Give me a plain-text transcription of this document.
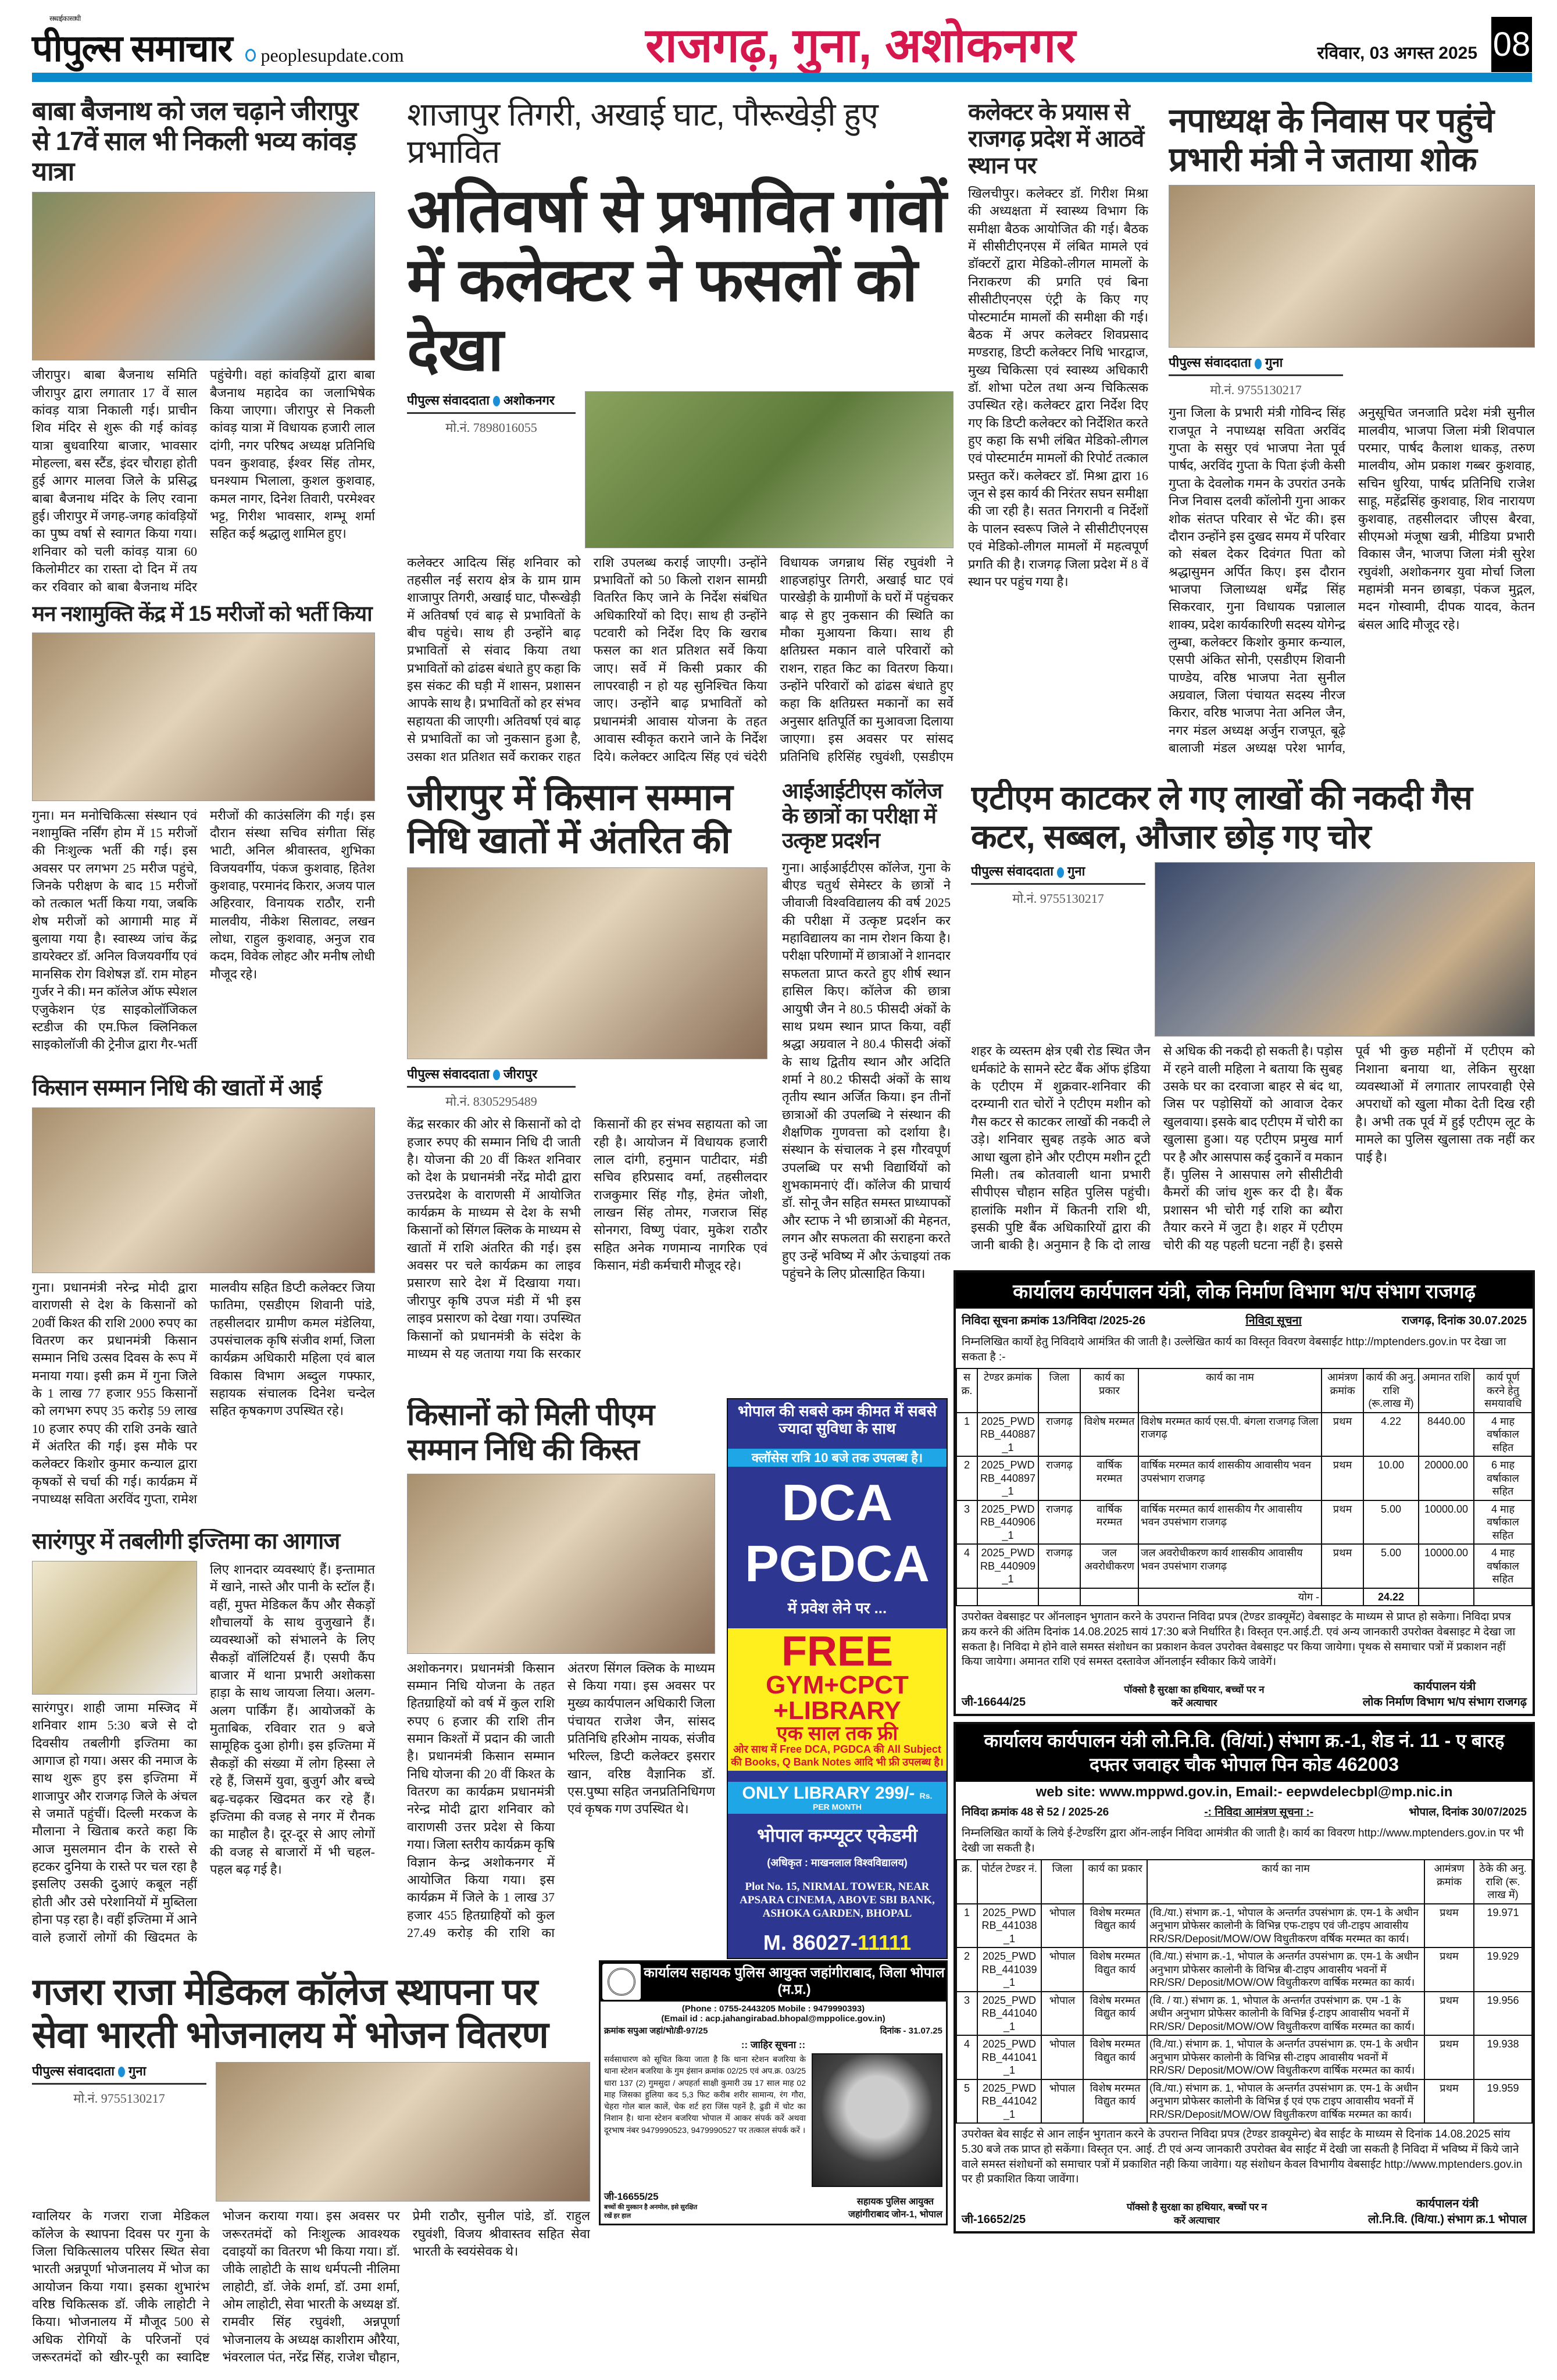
सच्चाई का साथी
पीपुल्स समाचार	peoplesupdate.com	राजगढ़, गुना, अशोकनगर	रविवार, 03 अगस्त 2025 08
बाबा बैजनाथ को जल चढ़ाने जीरापुर से 17वें साल भी निकली भव्य कांवड़ यात्रा
जीरापुर। बाबा बैजनाथ समिति जीरापुर द्वारा लगातार 17 वें साल कांवड़ यात्रा निकाली गई। प्राचीन शिव मंदिर से शुरू की गई कांवड़ यात्रा बुधवारिया बाजार, भावसार मोहल्ला, बस स्टैंड, इंदर चौराहा होती हुई आगर मालवा जिले के प्रसिद्ध बाबा बैजनाथ मंदिर के लिए रवाना हुई। जीरापुर में जगह-जगह कांवड़ियों का पुष्प वर्षा से स्वागत किया गया। शनिवार को चली कांवड़ यात्रा 60 किलोमीटर का रास्ता दो दिन में तय कर रविवार को बाबा बैजनाथ मंदिर पहुंचेगी। वहां कांवड़ियों द्वारा बाबा बैजनाथ महादेव का जलाभिषेक किया जाएगा। जीरापुर से निकली कांवड़ यात्रा में विधायक हजारी लाल दांगी, नगर परिषद अध्यक्ष प्रतिनिधि पवन कुशवाह, ईश्वर सिंह तोमर, घनश्याम भिलाला, कुशल कुशवाह, कमल नागर, दिनेश तिवारी, परमेश्वर भट्ट, गिरीश भावसार, शम्भू शर्मा सहित कई श्रद्धालु शामिल हुए।
मन नशामुक्ति केंद्र में 15 मरीजों को भर्ती किया
गुना। मन मनोचिकित्सा संस्थान एवं नशामुक्ति नर्सिंग होम में 15 मरीजों की निःशुल्क भर्ती की गई। इस अवसर पर लगभग 25 मरीज पहुंचे, जिनके परीक्षण के बाद 15 मरीजों को तत्काल भर्ती किया गया, जबकि शेष मरीजों को आगामी माह में बुलाया गया है। स्वास्थ्य जांच केंद्र डायरेक्टर डॉ. अनिल विजयवर्गीय एवं मानसिक रोग विशेषज्ञ डॉ. राम मोहन गुर्जर ने की। मन कॉलेज ऑफ स्पेशल एजुकेशन एंड साइकोलॉजिकल स्टडीज की एम.फिल क्लिनिकल साइकोलॉजी की ट्रेनीज द्वारा गैर-भर्ती मरीजों की काउंसलिंग की गई। इस दौरान संस्था सचिव संगीता सिंह भाटी, अनिल श्रीवास्तव, शुभिका विजयवर्गीय, पंकज कुशवाह, हितेश कुशवाह, परमानंद किरार, अजय पाल अहिरवार, विनायक राठौर, रानी मालवीय, नीकेश सिलावट, लखन लोधा, राहुल कुशवाह, अनुज राव कदम, विवेक लोहट और मनीष लोधी मौजूद रहे।
किसान सम्मान निधि की खातों में आई
गुना। प्रधानमंत्री नरेन्द्र मोदी द्वारा वाराणसी से देश के किसानों को 20वीं किश्त की राशि 2000 रुपए का वितरण कर प्रधानमंत्री किसान सम्मान निधि उत्सव दिवस के रूप में मनाया गया। इसी क्रम में गुना जिले के 1 लाख 77 हजार 955 किसानों को लगभग रुपए 35 करोड़ 59 लाख 10 हजार रुपए की राशि उनके खाते में अंतरित की गई। इस मौके पर कलेक्टर किशोर कुमार कन्याल द्वारा कृषकों से चर्चा की गई। कार्यक्रम में नपाध्यक्ष सविता अरविंद गुप्ता, रामेश मालवीय सहित डिप्टी कलेक्टर जिया फातिमा, एसडीएम शिवानी पांडे, तहसीलदार ग्रामीण कमल मंडेलिया, उपसंचालक कृषि संजीव शर्मा, जिला कार्यक्रम अधिकारी महिला एवं बाल विकास विभाग अब्दुल गफ्फार, सहायक संचालक दिनेश चन्देल सहित कृषकगण उपस्थित रहे।
सारंगपुर में तबलीगी इज्तिमा का आगाज
सारंगपुर। शाही जामा मस्जिद में शनिवार शाम 5:30 बजे से दो दिवसीय तबलीगी इज्तिमा का आगाज हो गया। असर की नमाज के साथ शुरू हुए इस इज्तिमा में शाजापुर और राजगढ़ जिले के अंचल से जमातें पहुंचीं। दिल्ली मरकज के मौलाना ने खिताब करते कहा कि आज मुसलमान दीन के रास्ते से हटकर दुनिया के रास्ते पर चल रहा है इसलिए उसकी दुआएं कबूल नहीं होती और उसे परेशानियों में मुब्तिला होना पड़ रहा है। वहीं इज्तिमा में आने वाले हजारों लोगों की खिदमत के लिए शानदार व्यवस्थाएं हैं। इन्तामात में खाने, नास्ते और पानी के स्टॉल हैं। वहीं, मुफ्त मेडिकल कैंप और सैकड़ों शौचालयों के साथ वुजुखाने हैं। व्यवस्थाओं को संभालने के लिए सैकड़ों वॉलिंटियर्स हैं। एसपी कैंप बाजार में थाना प्रभारी अशोकसा हाड़ा के साथ जायजा लिया। अलग-अलग पार्किंग हैं। आयोजकों के मुताबिक, रविवार रात 9 बजे सामूहिक दुआ होगी। इस इज्तिमा में सैकड़ों की संख्या में लोग हिस्सा ले रहे हैं, जिसमें युवा, बुजुर्ग और बच्चे बढ़-चढ़कर खिदमत कर रहे हैं। इज्तिमा की वजह से नगर में रौनक का माहौल है। दूर-दूर से आए लोगों की वजह से बाजारों में भी चहल-पहल बढ़ गई है।
गजरा राजा मेडिकल कॉलेज स्थापना पर सेवा भारती भोजनालय में भोजन वितरण
पीपुल्स संवाददाता गुना
मो.नं. 9755130217
ग्वालियर के गजरा राजा मेडिकल कॉलेज के स्थापना दिवस पर गुना के जिला चिकित्सालय परिसर स्थित सेवा भारती अन्नपूर्णा भोजनालय में भोज का आयोजन किया गया। इसका शुभारंभ वरिष्ठ चिकित्सक डॉ. जीके लाहोटी ने किया। भोजनालय में मौजूद 500 से अधिक रोगियों के परिजनों एवं जरूरतमंदों को खीर-पूरी का स्वादिष्ट भोजन कराया गया। इस अवसर पर जरूरतमंदों को निःशुल्क आवश्यक दवाइयों का वितरण भी किया गया। डॉ. जीके लाहोटी के साथ धर्मपत्नी नीलिमा लाहोटी, डॉ. जेके शर्मा, डॉ. उमा शर्मा, ओम लाहोटी, सेवा भारती के अध्यक्ष डॉ. रामवीर सिंह रघुवंशी, अन्नपूर्णा भोजनालय के अध्यक्ष काशीराम औरैया, भंवरलाल पंत, नरेंद्र सिंह, राजेश चौहान, प्रेमी राठौर, सुनील पांडे, डॉ. राहुल रघुवंशी, विजय श्रीवास्तव सहित सेवा भारती के स्वयंसेवक थे।
शाजापुर तिगरी, अखाई घाट, पौरूखेड़ी हुए प्रभावित
अतिवर्षा से प्रभावित गांवों में कलेक्टर ने फसलों को देखा
पीपुल्स संवाददाता अशोकनगर
मो.नं. 7898016055
कलेक्टर आदित्य सिंह शनिवार को तहसील नई सराय क्षेत्र के ग्राम ग्राम शाजापुर तिगरी, अखाई घाट, पौरूखेड़ी में अतिवर्षा एवं बाढ़ से प्रभावितों के बीच पहुंचे। साथ ही उन्होंने बाढ़ प्रभावितों से संवाद किया तथा प्रभावितों को ढांढस बंधाते हुए कहा कि इस संकट की घड़ी में शासन, प्रशासन आपके साथ है। प्रभावितों को हर संभव सहायता की जाएगी। अतिवर्षा एवं बाढ़ से प्रभावितों का जो नुकसान हुआ है, उसका शत प्रतिशत सर्वे कराकर राहत राशि उपलब्ध कराई जाएगी। उन्होंने प्रभावितों को 50 किलो राशन सामग्री वितरित किए जाने के निर्देश संबंधित अधिकारियों को दिए। साथ ही उन्होंने पटवारी को निर्देश दिए कि खराब फसल का शत प्रतिशत सर्वे किया जाए। सर्वे में किसी प्रकार की लापरवाही न हो यह सुनिश्चित किया जाए। उन्होंने बाढ़ प्रभावितों को प्रधानमंत्री आवास योजना के तहत आवास स्वीकृत कराने जाने के निर्देश दिये। कलेक्टर आदित्य सिंह एवं चंदेरी विधायक जगन्नाथ सिंह रघुवंशी ने शाहजहांपुर तिगरी, अखाई घाट एवं पारखेड़ी के ग्रामीणों के घरों में पहुंचकर बाढ़ से हुए नुकसान की स्थिति का मौका मुआयना किया। साथ ही क्षतिग्रस्त मकान वाले परिवारों को राशन, राहत किट का वितरण किया। उन्होंने परिवारों को ढांढस बंधाते हुए कहा कि क्षतिग्रस्त मकानों का सर्वे अनुसार क्षतिपूर्ति का मुआवजा दिलाया जाएगा। इस अवसर पर सांसद प्रतिनिधि हरिसिंह रघुवंशी, एसडीएम
जीरापुर में किसान सम्मान निधि खातों में अंतरित की
पीपुल्स संवाददाता जीरापुर
मो.नं. 8305295489
केंद्र सरकार की ओर से किसानों को दो हजार रुपए की सम्मान निधि दी जाती है। योजना की 20 वीं किश्त शनिवार को देश के प्रधानमंत्री नरेंद्र मोदी द्वारा उत्तरप्रदेश के वाराणसी में आयोजित कार्यक्रम के माध्यम से देश के सभी किसानों को सिंगल क्लिक के माध्यम से खातों में राशि अंतरित की गई। इस अवसर पर चले कार्यक्रम का लाइव प्रसारण सारे देश में दिखाया गया। जीरापुर कृषि उपज मंडी में भी इस लाइव प्रसारण को देखा गया। उपस्थित किसानों को प्रधानमंत्री के संदेश के माध्यम से यह जताया गया कि सरकार किसानों की हर संभव सहायता को जा रही है। आयोजन में विधायक हजारी लाल दांगी, हनुमान पाटीदार, मंडी सचिव हरिप्रसाद वर्मा, तहसीलदार राजकुमार सिंह गौड़, हेमंत जोशी, लाखन सिंह तोमर, गजराज सिंह सोनगरा, विष्णु पंवार, मुकेश राठौर सहित अनेक गणमान्य नागरिक एवं किसान, मंडी कर्मचारी मौजूद रहे।
आईआईटीएस कॉलेज के छात्रों का परीक्षा में उत्कृष्ट प्रदर्शन
गुना। आईआईटीएस कॉलेज, गुना के बीएड चतुर्थ सेमेस्टर के छात्रों ने जीवाजी विश्वविद्यालय की वर्ष 2025 की परीक्षा में उत्कृष्ट प्रदर्शन कर महाविद्यालय का नाम रोशन किया है। परीक्षा परिणामों में छात्राओं ने शानदार सफलता प्राप्त करते हुए शीर्ष स्थान हासिल किए। कॉलेज की छात्रा आयुषी जैन ने 80.5 फीसदी अंकों के साथ प्रथम स्थान प्राप्त किया, वहीं श्रद्धा अग्रवाल ने 80.4 फीसदी अंकों के साथ द्वितीय स्थान और अदिति शर्मा ने 80.2 फीसदी अंकों के साथ तृतीय स्थान अर्जित किया। इन तीनों छात्राओं की उपलब्धि ने संस्थान की शैक्षणिक गुणवत्ता को दर्शाया है। संस्थान के संचालक ने इस गौरवपूर्ण उपलब्धि पर सभी विद्यार्थियों को शुभकामनाएं दीं। कॉलेज की प्राचार्य डॉ. सोनू जैन सहित समस्त प्राध्यापकों और स्टाफ ने भी छात्राओं की मेहनत, लगन और सफलता की सराहना करते हुए उन्हें भविष्य में और ऊंचाइयां तक पहुंचने के लिए प्रोत्साहित किया।
किसानों को मिली पीएम सम्मान निधि की किस्त
अशोकनगर। प्रधानमंत्री किसान सम्मान निधि योजना के तहत हितग्राहियों को वर्ष में कुल राशि रुपए 6 हजार की राशि तीन समान किश्तों में प्रदान की जाती है। प्रधानमंत्री किसान सम्मान निधि योजना की 20 वीं किश्त के वितरण का कार्यक्रम प्रधानमंत्री नरेन्द्र मोदी द्वारा शनिवार को वाराणसी उत्तर प्रदेश से किया गया। जिला स्तरीय कार्यक्रम कृषि विज्ञान केन्द्र अशोकनगर में आयोजित किया गया। इस कार्यक्रम में जिले के 1 लाख 37 हजार 455 हितग्राहियों को कुल 27.49 करोड़ की राशि का अंतरण सिंगल क्लिक के माध्यम से किया गया। इस अवसर पर मुख्य कार्यपालन अधिकारी जिला पंचायत राजेश जैन, सांसद प्रतिनिधि हरिओम नायक, संजीव भरिल्ल, डिप्टी कलेक्टर इसरार खान, वरिष्ठ वैज्ञानिक डॉ. एस.पुष्पा सहित जनप्रतिनिधिगण एवं कृषक गण उपस्थित थे।
भोपाल की सबसे कम कीमत में सबसे ज्यादा सुविधा के साथ
क्लॉसेस रात्रि 10 बजे तक उपलब्ध है।
DCA
PGDCA
में प्रवेश लेने पर ...
FREE
GYM+CPCT
+LIBRARY
एक साल तक फ्री
ओर साथ में Free DCA, PGDCA की All Subject की Books, Q Bank Notes आदि भी फ्री उपलब्ध है।
ONLY LIBRARY 299/- Rs.
PER MONTH
भोपाल कम्प्यूटर एकेडमी
(अधिकृत : माखनलाल विश्वविद्यालय)
Plot No. 15, NIRMAL TOWER, NEAR APSARA CINEMA, ABOVE SBI BANK, ASHOKA GARDEN, BHOPAL
M. 86027-11111
कार्यालय सहायक पुलिस आयुक्त जहांगीराबाद, जिला भोपाल (म.प्र.)
(Phone : 0755-2443205 Mobile : 9479990393)
(Email id : acp.jahangirabad.bhopal@mppolice.gov.in)
क्रमांक सपुआ जहां/भो/डी-97/25	दिनांक - 31.07.25
:: जाहिर सूचना ::
सर्वसाधारण को सूचित किया जाता है कि थाना स्टेशन बजरिया के थाना स्टेशन बजरिया के गुम इंसान क्रमांक 02/25 एवं अप.क्र. 03/25 धारा 137 (2) गुमसुदा / अपहर्ता साक्षी कुमारी उम्र 17 साल माह 02 माह जिसका हुलिया कद 5,3 फिट करीब शरीर सामान्य, रंग गौरा, चेहरा गोल बाल कालें, चेक शर्ट हरा जिंस पहनें है, ढुडी में चोट का निशान है। थाना स्टेशन बजरिया भोपाल में आकर संपर्क करें अथवा दूरभाष नंबर 9479990523, 9479990527 पर तत्काल संपर्क करें ।
जी-16655/25
बच्चों की मुस्कान है अनमोल, इसे सुरक्षित रखें हर हाल
सहायक पुलिस आयुक्त
जहांगीराबाद जोन-1, भोपाल
कलेक्टर के प्रयास से राजगढ़ प्रदेश में आठवें स्थान पर
खिलचीपुर। कलेक्टर डॉ. गिरीश मिश्रा की अध्यक्षता में स्वास्थ्य विभाग कि समीक्षा बैठक आयोजित की गई। बैठक में सीसीटीएनएस में लंबित मामले एवं डॉक्टरों द्वारा मेडिको-लीगल मामलों के निराकरण की प्रगति एवं बिना सीसीटीएनएस एंट्री के किए गए पोस्टमार्टम मामलों की समीक्षा की गई। बैठक में अपर कलेक्टर शिवप्रसाद मण्डराह, डिप्टी कलेक्टर निधि भारद्वाज, मुख्य चिकित्सा एवं स्वास्थ्य अधिकारी डॉ. शोभा पटेल तथा अन्य चिकित्सक उपस्थित रहे। कलेक्टर द्वारा निर्देश दिए गए कि डिप्टी कलेक्टर को निर्देशित करते हुए कहा कि सभी लंबित मेडिको-लीगल एवं पोस्टमार्टम मामलों की रिपोर्ट तत्काल प्रस्तुत करें। कलेक्टर डॉ. मिश्रा द्वारा 16 जून से इस कार्य की निरंतर सघन समीक्षा की जा रही है। सतत निगरानी व निर्देशों के पालन स्वरूप जिले ने सीसीटीएनएस एवं मेडिको-लीगल मामलों में महत्वपूर्ण प्रगति की है। राजगढ़ जिला प्रदेश में 8 वें स्थान पर पहुंच गया है।
नपाध्यक्ष के निवास पर पहुंचे प्रभारी मंत्री ने जताया शोक
पीपुल्स संवाददाता गुना
मो.नं. 9755130217
गुना जिला के प्रभारी मंत्री गोविन्द सिंह राजपूत ने नपाध्यक्ष सविता अरविंद गुप्ता के ससुर एवं भाजपा नेता पूर्व पार्षद, अरविंद गुप्ता के पिता इंजी केसी गुप्ता के देवलोक गमन के उपरांत उनके निज निवास दलवी कॉलोनी गुना आकर शोक संतप्त परिवार से भेंट की। इस दौरान उन्होंने इस दुखद समय में परिवार को संबल देकर दिवंगत पिता को श्रद्धासुमन अर्पित किए। इस दौरान भाजपा जिलाध्यक्ष धर्मेंद्र सिंह सिकरवार, गुना विधायक पन्नालाल शाक्य, प्रदेश कार्यकारिणी सदस्य योगेन्द्र लुम्बा, कलेक्टर किशोर कुमार कन्याल, एसपी अंकित सोनी, एसडीएम शिवानी पाण्डेय, वरिष्ठ भाजपा नेता सुनील अग्रवाल, जिला पंचायत सदस्य नीरज किरार, वरिष्ठ भाजपा नेता अनिल जैन, नगर मंडल अध्यक्ष अर्जुन राजपूत, बूढ़े बालाजी मंडल अध्यक्ष परेश भार्गव, अनुसूचित जनजाति प्रदेश मंत्री सुनील मालवीय, भाजपा जिला मंत्री शिवपाल परमार, पार्षद कैलाश धाकड़, तरुण मालवीय, ओम प्रकाश गब्बर कुशवाह, सचिन धुरिया, पार्षद प्रतिनिधि राजेश साहू, महेंद्रसिंह कुशवाह, शिव नारायण कुशवाह, तहसीलदार जीएस बैरवा, सीएमओ मंजूषा खत्री, मीडिया प्रभारी विकास जैन, भाजपा जिला मंत्री सुरेश रघुवंशी, अशोकनगर युवा मोर्चा जिला महामंत्री मनन छाबड़ा, पंकज मुद्गल, मदन गोस्वामी, दीपक यादव, केतन बंसल आदि मौजूद रहे।
एटीएम काटकर ले गए लाखों की नकदी गैस कटर, सब्बल, औजार छोड़ गए चोर
पीपुल्स संवाददाता गुना
मो.नं. 9755130217
शहर के व्यस्तम क्षेत्र एबी रोड स्थित जैन धर्मकांटे के सामने स्टेट बैंक ऑफ इंडिया के एटीएम में शुक्रवार-शनिवार की दरम्यानी रात चोरों ने एटीएम मशीन को गैस कटर से काटकर लाखों की नकदी ले उड़े। शनिवार सुबह तड़के आठ बजे आधा खुला होने और एटीएम मशीन टूटी मिली। तब कोतवाली थाना प्रभारी सीपीएस चौहान सहित पुलिस पहुंची। हालांकि मशीन में कितनी राशि थी, इसकी पुष्टि बैंक अधिकारियों द्वारा की जानी बाकी है। अनुमान है कि दो लाख से अधिक की नकदी हो सकती है। पड़ोस में रहने वाली महिला ने बताया कि सुबह उसके घर का दरवाजा बाहर से बंद था, जिस पर पड़ोसियों को आवाज देकर खुलवाया। इसके बाद एटीएम में चोरी का खुलासा हुआ। यह एटीएम प्रमुख मार्ग पर है और आसपास कई दुकानें व मकान हैं। पुलिस ने आसपास लगे सीसीटीवी कैमरों की जांच शुरू कर दी है। बैंक प्रशासन भी चोरी गई राशि का ब्यौरा तैयार करने में जुटा है। शहर में एटीएम चोरी की यह पहली घटना नहीं है। इससे पूर्व भी कुछ महीनों में एटीएम को निशाना बनाया था, लेकिन सुरक्षा व्यवस्थाओं में लगातार लापरवाही ऐसे अपराधों को खुला मौका देती दिख रही है। अभी तक पूर्व में हुई एटीएम लूट के मामले का पुलिस खुलासा तक नहीं कर पाई है।
कार्यालय कार्यपालन यंत्री, लोक निर्माण विभाग भ/प संभाग राजगढ़
निविदा सूचना क्रमांक 13/निविदा /2025-26	निविदा सूचना	राजगढ़, दिनांक 30.07.2025
निम्नलिखित कार्यो हेतु निविदाये आमंत्रित की जाती है। उल्लेखित कार्य का विस्तृत विवरण वेबसाईट http://mptenders.gov.in पर देखा जा सकता है :-
स क्र.	टेण्डर क्रमांक	जिला	कार्य का प्रकार	कार्य का नाम	आमंत्रण क्रमांक	कार्य की अनु. राशि (रू.लाख में)	अमानत राशि	कार्य पूर्ण करने हेतु समयावधि
1	2025_PWDRB_440887_1	राजगढ़	विशेष मरम्मत	विशेष मरम्मत कार्य एस.पी. बंगला राजगढ़ जिला राजगढ़	प्रथम	4.22	8440.00	4 माह वर्षाकाल सहित
2	2025_PWDRB_440897_1	राजगढ़	वार्षिक मरम्मत	वार्षिक मरम्मत कार्य शासकीय आवासीय भवन उपसंभाग राजगढ़	प्रथम	10.00	20000.00	6 माह वर्षाकाल सहित
3	2025_PWDRB_440906_1	राजगढ़	वार्षिक मरम्मत	वार्षिक मरम्मत कार्य शासकीय गैर आवासीय भवन उपसंभाग राजगढ़	प्रथम	5.00	10000.00	4 माह वर्षाकाल सहित
4	2025_PWDRB_440909_1	राजगढ़	जल अवरोधीकरण	जल अवरोधीकरण कार्य शासकीय आवासीय भवन उपसंभाग राजगढ़	प्रथम	5.00	10000.00	4 माह वर्षाकाल सहित
				योग -		24.22		
उपरोक्त वेबसाइट पर ऑनलाइन भुगतान करने के उपरान्त निविदा प्रपत्र (टेण्डर डाक्यूमेंट) वेबसाइट के माध्यम से प्राप्त हो सकेगा। निविदा प्रपत्र क्रय करने की अंतिम दिनांक 14.08.2025 सायं 17:30 बजे निर्धारित है। विस्तृत एन.आई.टी. एवं अन्य जानकारी उपरोक्त वेबसाइट मे देखा जा सकता है। निविदा मे होने वाले समस्त संशोधन का प्रकाशन केवल उपरोक्त वेबसाइट पर किया जायेगा। पृथक से समाचार पत्रों में प्रकाशन नहीं किया जायेगा। अमानत राशि एवं समस्त दस्तावेज ऑनलाईन स्वीकार किये जावेगें।
जी-16644/25
पॉक्सो है सुरक्षा का हथियार, बच्चों पर न करें अत्याचार
कार्यपालन यंत्री
लोक निर्माण विभाग भ/प संभाग राजगढ़
कार्यालय कार्यपालन यंत्री लो.नि.वि. (वि/यां.) संभाग क्र.-1, शेड नं. 11 - ए बारह दफ्तर जवाहर चौक भोपाल पिन कोड 462003
web site: www.mppwd.gov.in, Email:- eepwdelecbpl@mp.nic.in
निविदा क्रमांक 48 से 52 / 2025-26	-: निविदा आमंत्रण सूचना :-	भोपाल, दिनांक 30/07/2025
निम्नलिखित कार्यो के लिये ई-टेण्डरिंग द्वारा ऑन-लाईन निविदा आमंत्रीत की जाती है। कार्य का विवरण http://www.mptenders.gov.in पर भी देखी जा सकती है।
क्र.	पोर्टल टेण्डर नं.	जिला	कार्य का प्रकार	कार्य का नाम	आमंत्रण क्रमांक	ठेके की अनु. राशि (रू. लाख में)
1	2025_PWDRB_441038_1	भोपाल	विशेष मरम्मत विद्युत कार्य	(वि./या.) संभाग क्र.-1, भोपाल के अन्तर्गत उपसंभाग क्रं. एम-1 के अधीन अनुभाग प्रोफेसर कालोनी के विभिन्न एफ-टाइप एवं जी-टाइप आवासीय RR/SR/Deposit/MOW/OW विधुतीकरण वर्षिक मरम्मत का कार्य।	प्रथम	19.971
2	2025_PWDRB_441039_1	भोपाल	विशेष मरम्मत विद्युत कार्य	(वि./या.) संभाग क्र.-1, भोपाल के अन्तर्गत उपसंभाग क्र. एम-1 के अधीन अनुभाग प्रोफेसर कालोनी के विभिन्न बी-टाइप आवासीय भवनों में RR/SR/ Deposit/MOW/OW विधुतीकरण वार्षिक मरम्मत का कार्य।	प्रथम	19.929
3	2025_PWDRB_441040_1	भोपाल	विशेष मरम्मत विद्युत कार्य	(वि. / या.) संभाग क्र. 1, भोपाल के अन्तर्गत उपसंभाग क्र. एम -1 के अधीन अनुभाग प्रोफेसर कालोनी के विभिन्न ई-टाइप आवासीय भवनों में RR/SR/ Deposit/MOW/OW विधुतीकरण वार्षिक मरम्मत का कार्य।	प्रथम	19.956
4	2025_PWDRB_441041_1	भोपाल	विशेष मरम्मत विद्युत कार्य	(वि./या.) संभाग क्र. 1, भोपाल के अन्तर्गत उपसंभाग क्र. एम-1 के अधीन अनुभाग प्रोफेसर कालोनी के विभिन्न सी-टाइप आवासीय भवनों में RR/SR/ Deposit/MOW/OW विधुतीकरण वार्षिक मरम्मत का कार्य।	प्रथम	19.938
5	2025_PWDRB_441042_1	भोपाल	विशेष मरम्मत विद्युत कार्य	(वि./या.) संभाग क्र. 1, भोपाल के अन्तर्गत उपसंभाग क्र. एम-1 के अधीन अनुभाग प्रोफेसर कालोनी के विभिन्न ई एवं एफ टाइप आवासीय भवनों में RR/SR/Deposit/MOW/OW विधुतीकरण वार्षिक मरम्मत का कार्य।	प्रथम	19.959
उपरोक्त बेव साईट से आन लाईन भुगतान करने के उपरान्त निविदा प्रपत्र (टेण्डर डाक्यूमेन्ट) बेव साईट के माध्यम से दिनांक 14.08.2025 सांय 5.30 बजे तक प्राप्त हो सकेंगा। विस्तृत एन. आई. टी एवं अन्य जानकारी उपरोक्त बेव साईट में देखी जा सकती है निविदा में भविष्य में किये जाने वाले समस्त संशोधनों को समाचार पत्रों में प्रकाशित नही किया जावेगा। यह संशोधन केवल विभागीय वेबसाईट http://www.mptenders.gov.in पर ही प्रकाशित किया जावेंगा।
जी-16652/25
पॉक्सो है सुरक्षा का हथियार, बच्चों पर न करें अत्याचार
कार्यपालन यंत्री
लो.नि.वि. (वि/या.) संभाग क्र.1 भोपाल
